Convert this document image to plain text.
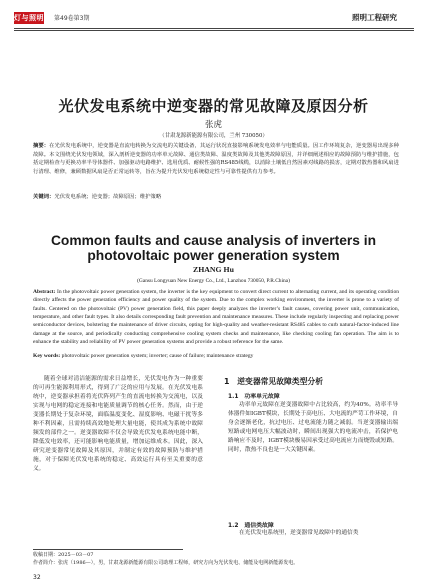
灯与照明 第49卷第3期	照明工程研究
光伏发电系统中逆变器的常见故障及原因分析
张虎
（甘肃龙源新能源有限公司，兰州 730050）
摘要：在光伏发电系统中，逆变器是直流电转换为交流电的关键设备，其运行状况直接影响系统发电效率与电能质量。因工作环境复杂，逆变器易出现多种故障。本文围绕光伏发电领域，深入剖析逆变器的功率单元故障、通信类故障、温度类故障及其他类故障原因，并详细阐述相应的故障预防与维护措施，包括定期检查与更换功率半导体器件、加强驱动电路维护、选用优质、耐候性强的RS485线缆，以消除土壤低自然因素对线路的损害，定期对散热器和风扇进行清理、维修，兼顾数据风扇是否正常运转等，旨在为提升光伏发电系统稳定性与可靠性提供有力参考。
关键词：光伏发电系统；逆变器；故障原因；维护策略
Common faults and cause analysis of inverters in
photovoltaic power generation system
ZHANG Hu
(Gansu Longyuan New Energy Co., Ltd., Lanzhou 730050, P.R.China)
Abstract: In the photovoltaic power generation system, the inverter is the key equipment to convert direct current to alternating current, and its operating condition directly affects the power generation efficiency and power quality of the system. Due to the complex working environment, the inverter is prone to a variety of faults. Centered on the photovoltaic (PV) power generation field, this paper deeply analyzes the inverter’s fault causes, covering power unit, communication, temperature, and other fault types. It also details corresponding fault prevention and maintenance measures. These include regularly inspecting and replacing power semiconductor devices, bolstering the maintenance of driver circuits, opting for high-quality and weather-resistant RS485 cables to curb natural-factor-induced line damage at the source, and periodically conducting comprehensive cooling system checks and maintenance, like checking cooling fan operation. The aim is to enhance the stability and reliability of PV power generation systems and provide a robust reference for the same.
Key words: photovoltaic power generation system; inverter; cause of failure; maintenance strategy
随着全球对清洁能源的需求日益增长，光伏发电作为一种重要的可再生能源利用形式，得到了广泛的应用与发展。在光伏发电系统中，逆变器承担着将光伏阵列产生的直流电转换为交流电，以及实现与电网的稳定连接和电能质量调节的核心任务。然而，由于逆变器长期处于复杂环境，面临温度变化、湿度影响、电磁干扰等多种不利因素，且需持续高效地处理大量电能，使其成为系统中故障频发的部件之一。逆变器故障不仅会导致光伏发电系统电能中断，降低发电效率，还可能影响电能质量，增加运维成本。因此，深入研究逆变器常见故障及其原因，并制定有效的故障预防与维护措施，对于保障光伏发电系统的稳定、高效运行具有至关重要的意义。
1　逆变器常见故障类型分析
1.1　功率单元故障
功率单元故障在逆变器故障中占比较高，约为40%。功率半导体器件如IGBT模块，长期处于高电压、大电流的严苛工作环境，自身会逐渐老化，抗过电压、过电流能力随之减弱。当逆变器输出端短路或电网电压大幅波动时，瞬间出现强大的电流冲击，若保护电路响应不及时，IGBT模块极易因承受过高电流应力而烧毁或短路。同时，散热不良也是一大关键因素。
1.2　通信类故障
在光伏发电系统里，逆变器常见故障中的通信类
收稿日期：2025－03－07
作者简介：张虎（1986—），男，甘肃龙源新能源有限公司助理工程师，研究方向为光伏发电、储能及电网新能源发电。
32
